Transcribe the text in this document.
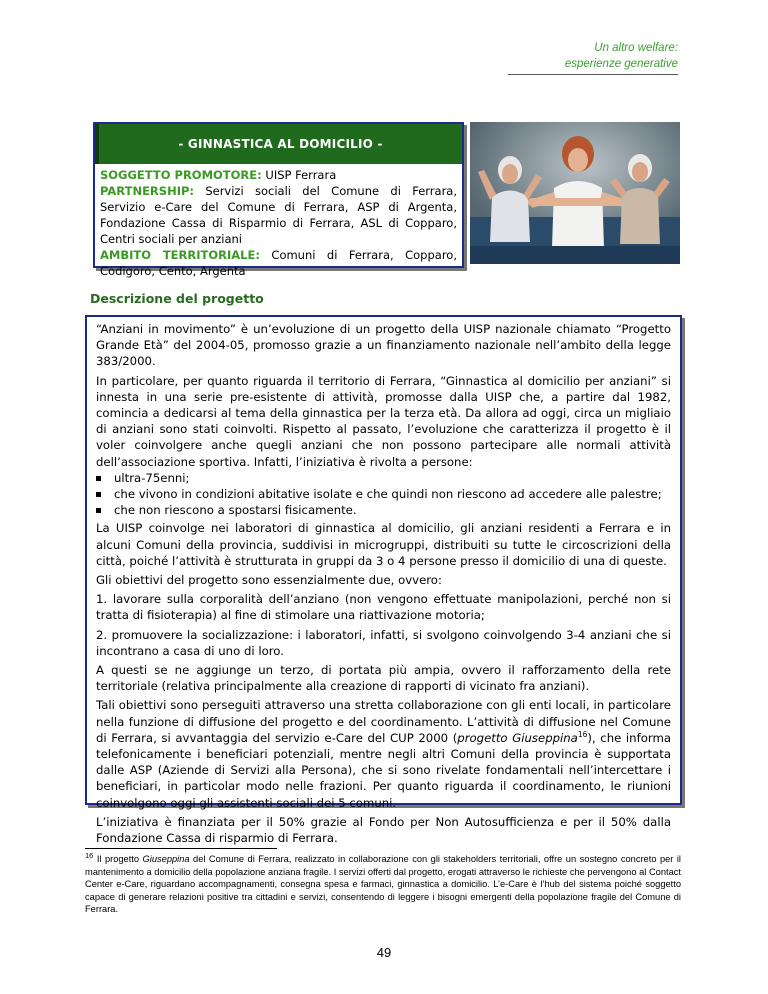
Un altro welfare:
esperienze generative
- GINNASTICA AL DOMICILIO -
SOGGETTO PROMOTORE: UISP Ferrara
PARTNERSHIP: Servizi sociali del Comune di Ferrara, Servizio e-Care del Comune di Ferrara, ASP di Argenta, Fondazione Cassa di Risparmio di Ferrara, ASL di Copparo, Centri sociali per anziani
AMBITO TERRITORIALE: Comuni di Ferrara, Copparo, Codigoro, Cento, Argenta
Descrizione del progetto

“Anziani in movimento” è un’evoluzione di un progetto della UISP nazionale chiamato “Progetto Grande Età” del 2004-05, promosso grazie a un finanziamento nazionale nell’ambito della legge 383/2000.

In particolare, per quanto riguarda il territorio di Ferrara, “Ginnastica al domicilio per anziani” si innesta in una serie pre-esistente di attività, promosse dalla UISP che, a partire dal 1982, comincia a dedicarsi al tema della ginnastica per la terza età. Da allora ad oggi, circa un migliaio di anziani sono stati coinvolti. Rispetto al passato, l’evoluzione che caratterizza il progetto è il voler coinvolgere anche quegli anziani che non possono partecipare alle normali attività dell’associazione sportiva. Infatti, l’iniziativa è rivolta a persone:

ultra-75enni;
che vivono in condizioni abitative isolate e che quindi non riescono ad accedere alle palestre;
che non riescono a spostarsi fisicamente.

La UISP coinvolge nei laboratori di ginnastica al domicilio, gli anziani residenti a Ferrara e in alcuni Comuni della provincia, suddivisi in microgruppi, distribuiti su tutte le circoscrizioni della città, poiché l’attività è strutturata in gruppi da 3 o 4 persone presso il domicilio di una di queste.

Gli obiettivi del progetto sono essenzialmente due, ovvero:

1. lavorare sulla corporalità dell’anziano (non vengono effettuate manipolazioni, perché non si tratta di fisioterapia) al fine di stimolare una riattivazione motoria;

2. promuovere la socializzazione: i laboratori, infatti, si svolgono coinvolgendo 3-4 anziani che si incontrano a casa di uno di loro.

A questi se ne aggiunge un terzo, di portata più ampia, ovvero il rafforzamento della rete territoriale (relativa principalmente alla creazione di rapporti di vicinato fra anziani).

Tali obiettivi sono perseguiti attraverso una stretta collaborazione con gli enti locali, in particolare nella funzione di diffusione del progetto e del coordinamento. L’attività di diffusione nel Comune di Ferrara, si avvantaggia del servizio e-Care del CUP 2000 (progetto Giuseppina$^{16}$), che informa telefonicamente i beneficiari potenziali, mentre negli altri Comuni della provincia è supportata dalle ASP (Aziende di Servizi alla Persona), che si sono rivelate fondamentali nell’intercettare i beneficiari, in particolar modo nelle frazioni. Per quanto riguarda il coordinamento, le riunioni coinvolgono oggi gli assistenti sociali dei 5 comuni.

L’iniziativa è finanziata per il 50% grazie al Fondo per Non Autosufficienza e per il 50% dalla Fondazione Cassa di risparmio di Ferrara.

$^{16}$ Il progetto Giuseppina del Comune di Ferrara, realizzato in collaborazione con gli stakeholders territoriali, offre un sostegno concreto per il mantenimento a domicilio della popolazione anziana fragile. I servizi offerti dal progetto, erogati attraverso le richieste che pervengono al Contact Center e-Care, riguardano accompagnamenti, consegna spesa e farmaci, ginnastica a domicilio. L’e-Care è l’hub del sistema poiché soggetto capace di generare relazioni positive tra cittadini e servizi, consentendo di leggere i bisogni emergenti della popolazione fragile del Comune di Ferrara.
49
